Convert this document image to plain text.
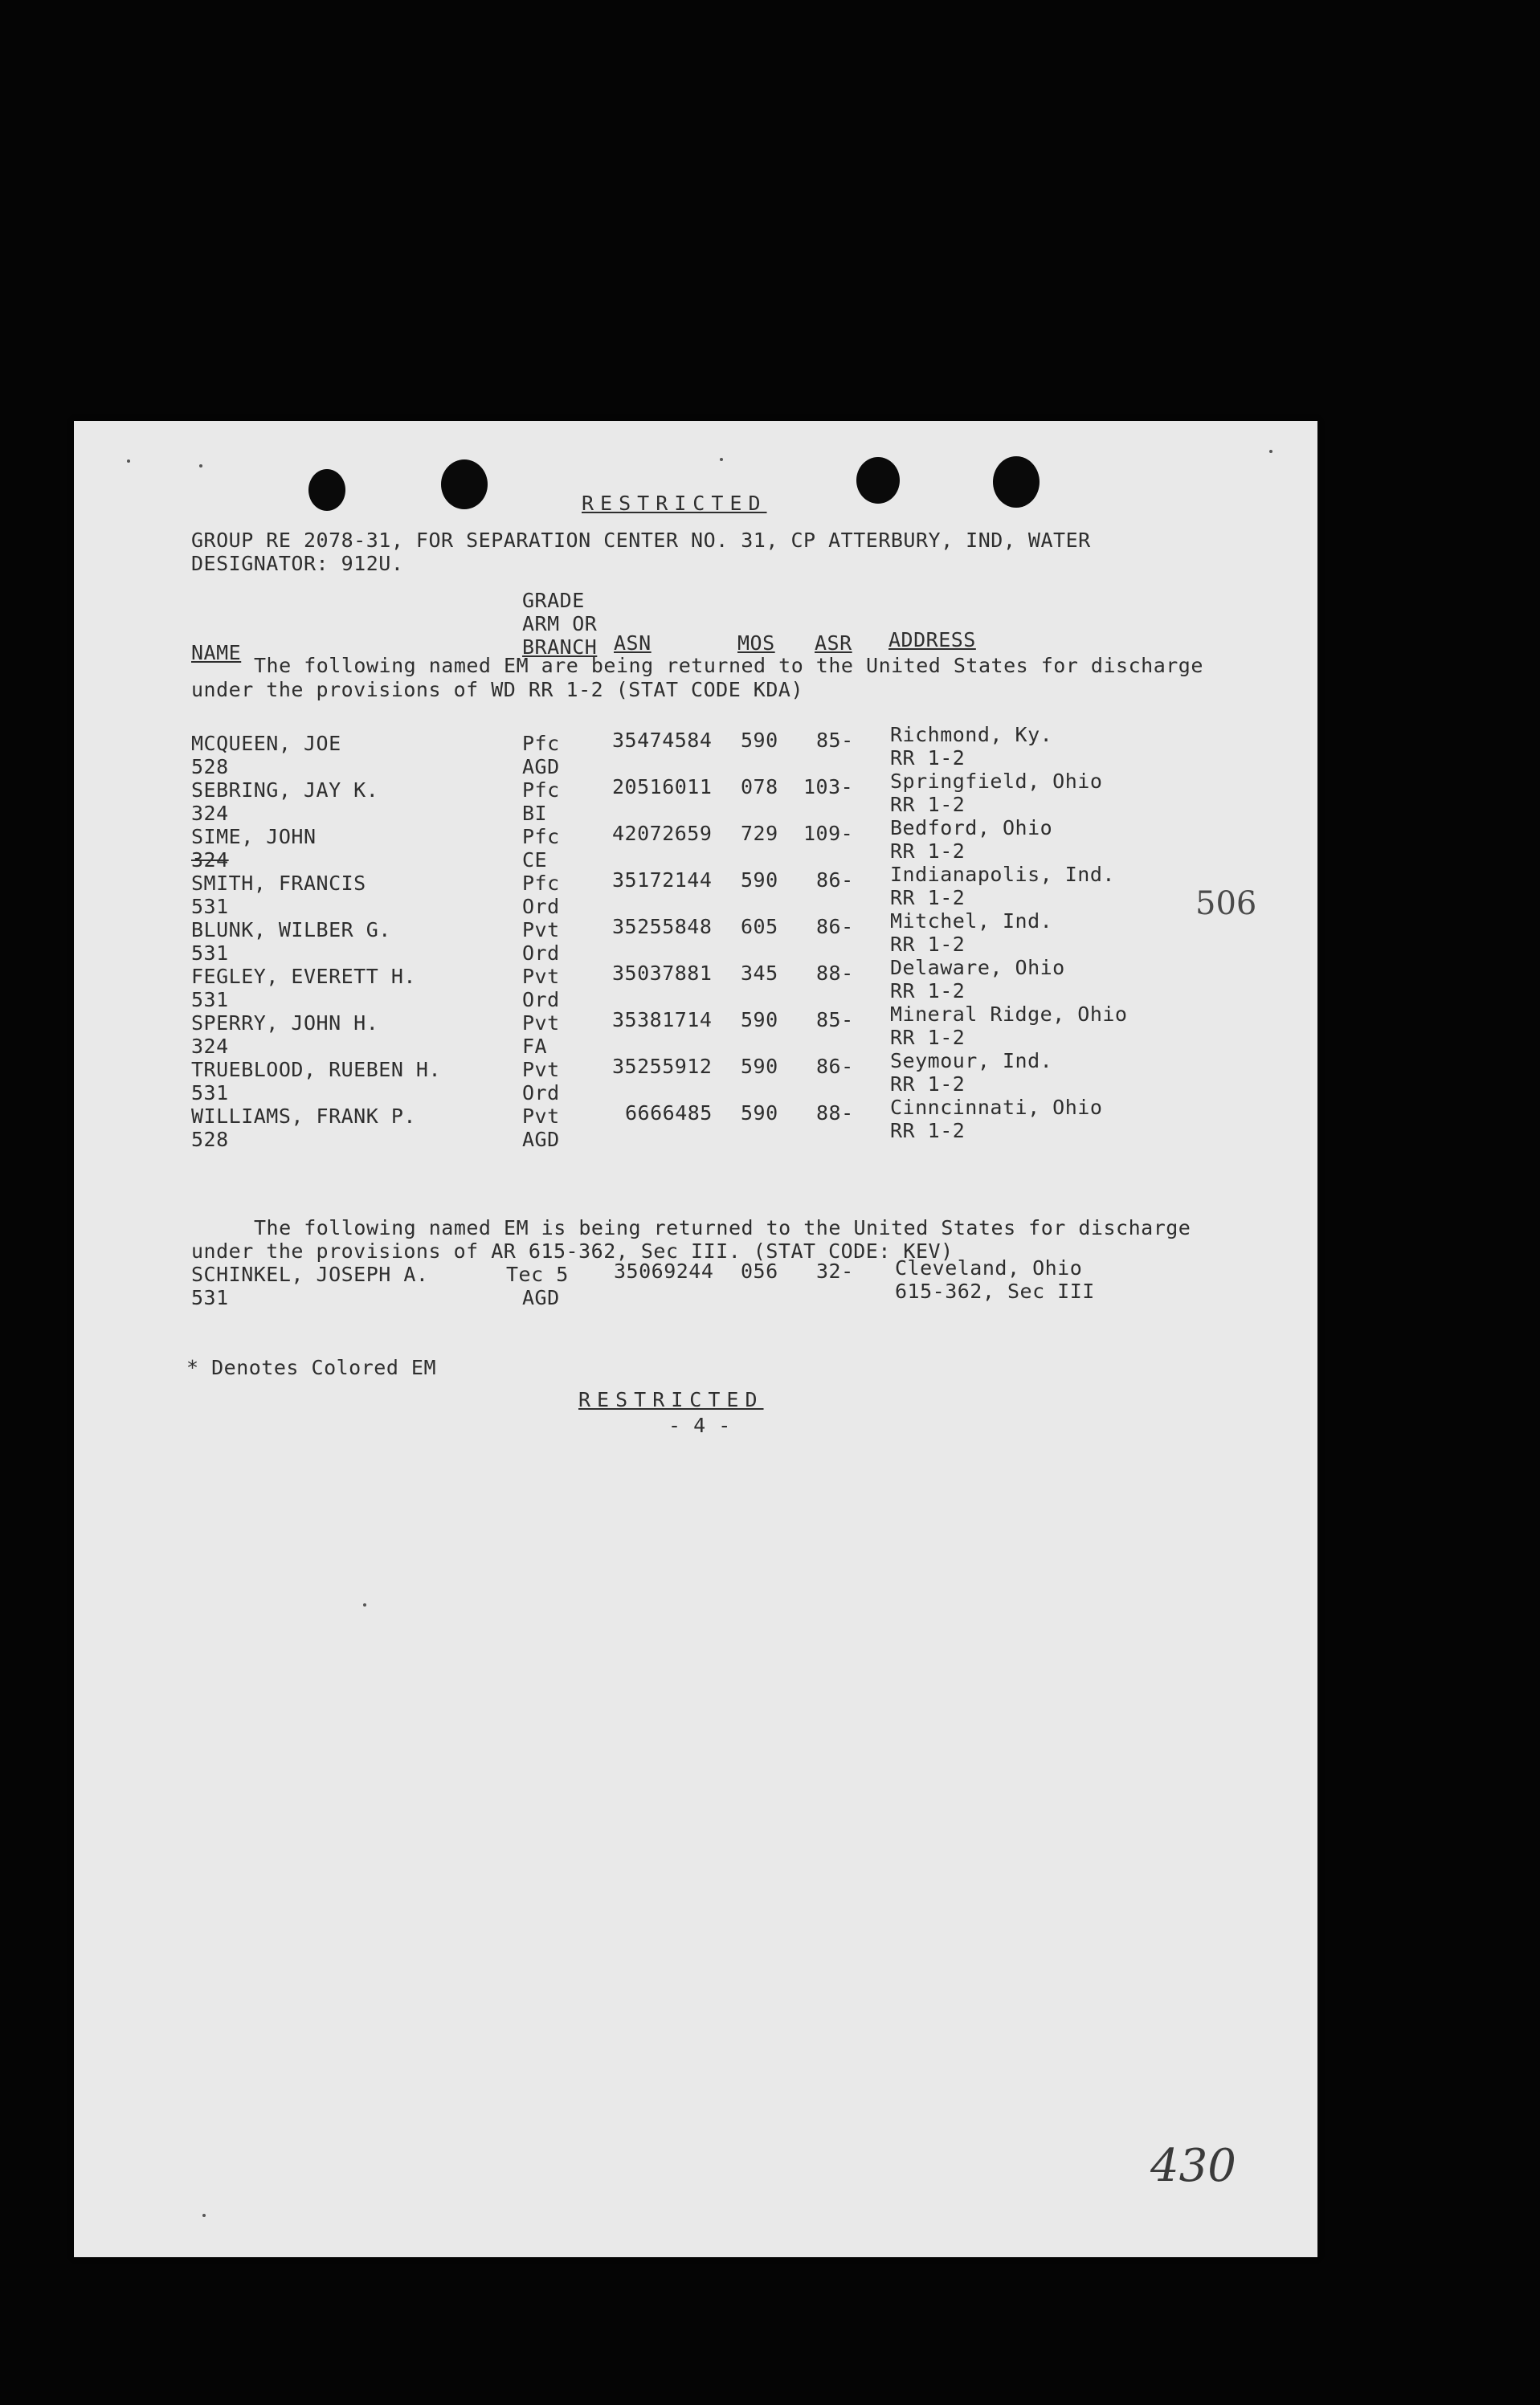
RESTRICTED
GROUP RE 2078-31, FOR SEPARATION CENTER NO. 31, CP ATTERBURY, IND, WATER
DESIGNATOR: 912U.
GRADE
ARM OR
NAME	BRANCH ASN	MOS ASR ADDRESS
The following named EM are being returned to the United States for discharge
under the provisions of WD RR 1-2 (STAT CODE KDA)
MCQUEEN, JOE
528
Pfc
AGD
35474584 590 85- Richmond, Ky.
RR 1-2
SEBRING, JAY K.
324
Pfc
BI
20516011 078 103- Springfield, Ohio
RR 1-2
SIME, JOHN
324
Pfc
CE
42072659 729 109- Bedford, Ohio
RR 1-2
SMITH, FRANCIS
531
Pfc
Ord
35172144 590 86- Indianapolis, Ind.
RR 1-2
BLUNK, WILBER G.
531
Pvt
Ord
35255848 605 86- Mitchel, Ind.
RR 1-2
FEGLEY, EVERETT H.
531
Pvt
Ord
35037881 345 88- Delaware, Ohio
RR 1-2
SPERRY, JOHN H.
324
Pvt
FA
35381714 590 85- Mineral Ridge, Ohio
RR 1-2
TRUEBLOOD, RUEBEN H.
531
Pvt
Ord
35255912 590 86- Seymour, Ind.
RR 1-2
WILLIAMS, FRANK P.
528
Pvt
AGD
6666485 590 88- Cinncinnati, Ohio
RR 1-2
The following named EM is being returned to the United States for discharge
under the provisions of AR 615-362, Sec III. (STAT CODE: KEV)
SCHINKEL, JOSEPH A.
531
Tec 5
AGD
35069244 056 32- Cleveland, Ohio
615-362, Sec III
* Denotes Colored EM
RESTRICTED
- 4 -
506
430
